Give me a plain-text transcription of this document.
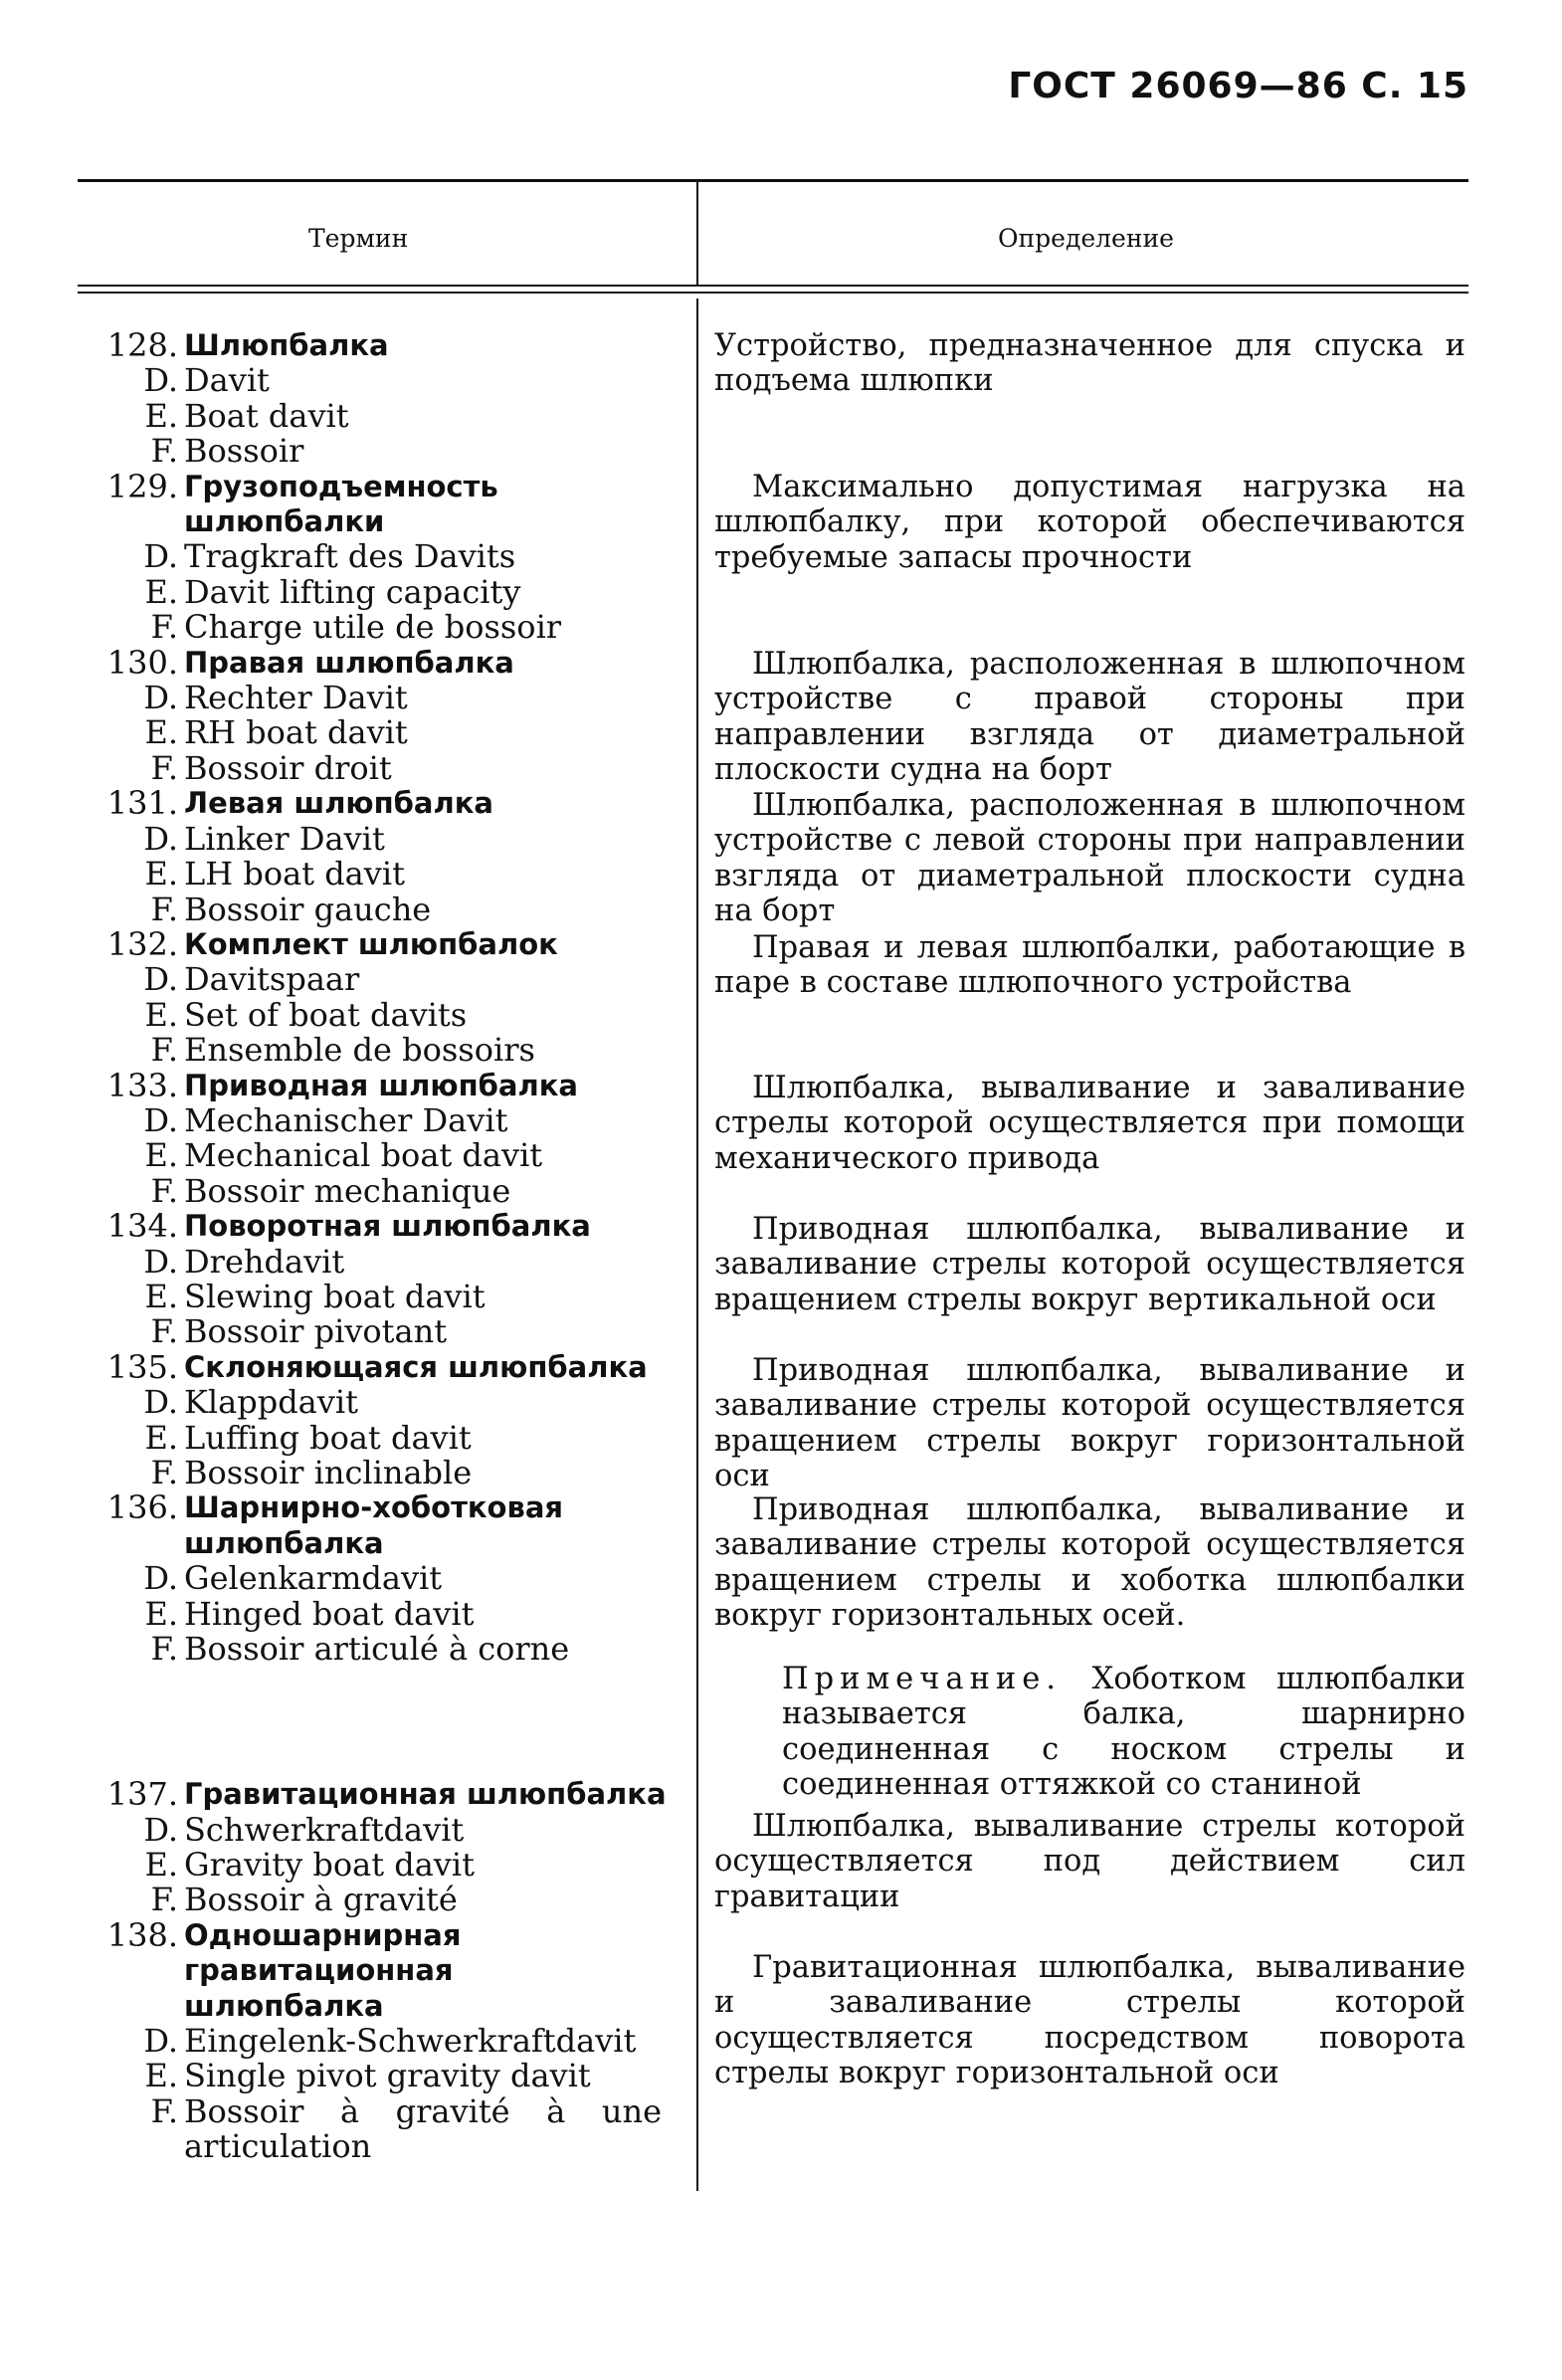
ГОСТ 26069—86 С. 15
Термин	Определение
128. Шлюпбалка
D. Davit
E. Boat davit
F. Bossoir
129. Грузоподъемность шлюпбалки
D. Tragkraft des Davits
E. Davit lifting capacity
F. Charge utile de bossoir
130. Правая шлюпбалка
D. Rechter Davit
E. RH boat davit
F. Bossoir droit
131. Левая шлюпбалка
D. Linker Davit
E. LH boat davit
F. Bossoir gauche
132. Комплект шлюпбалок
D. Davitspaar
E. Set of boat davits
F. Ensemble de bossoirs
133. Приводная шлюпбалка
D. Mechanischer Davit
E. Mechanical boat davit
F. Bossoir mechanique
134. Поворотная шлюпбалка
D. Drehdavit
E. Slewing boat davit
F. Bossoir pivotant
135. Склоняющаяся шлюпбалка
D. Klappdavit
E. Luffing boat davit
F. Bossoir inclinable
136. Шарнирно-хоботковая шлюпбалка
D. Gelenkarmdavit
E. Hinged boat davit
F. Bossoir articulé à corne
137. Гравитационная шлюпбалка
D. Schwerkraftdavit
E. Gravity boat davit
F. Bossoir à gravité
138. Одношарнирная гравитационная шлюпбалка
D. Eingelenk-Schwerkraftdavit
E. Single pivot gravity davit
F. Bossoir à gravité à une articulation
Устройство, предназначенное для спуска и подъема шлюпки
Максимально допустимая нагрузка на шлюпбалку, при которой обеспечиваются требуемые запасы прочности
Шлюпбалка, расположенная в шлюпочном устройстве с правой стороны при направлении взгляда от диаметральной плоскости судна на борт
Шлюпбалка, расположенная в шлюпочном устройстве с левой стороны при направлении взгляда от диаметральной плоскости судна на борт
Правая и левая шлюпбалки, работающие в паре в составе шлюпочного устройства
Шлюпбалка, вываливание и заваливание стрелы которой осуществляется при помощи механического привода
Приводная шлюпбалка, вываливание и заваливание стрелы которой осуществляется вращением стрелы вокруг вертикальной оси
Приводная шлюпбалка, вываливание и заваливание стрелы которой осуществляется вращением стрелы вокруг горизонтальной оси
Приводная шлюпбалка, вываливание и заваливание стрелы которой осуществляется вращением стрелы и хоботка шлюпбалки вокруг горизонтальных осей.
Примечание. Хоботком шлюпбалки называется балка, шарнирно соединенная с носком стрелы и соединенная оттяжкой со станиной
Шлюпбалка, вываливание стрелы которой осуществляется под действием сил гравитации
Гравитационная шлюпбалка, вываливание и заваливание стрелы которой осуществляется посредством поворота стрелы вокруг горизонтальной оси
